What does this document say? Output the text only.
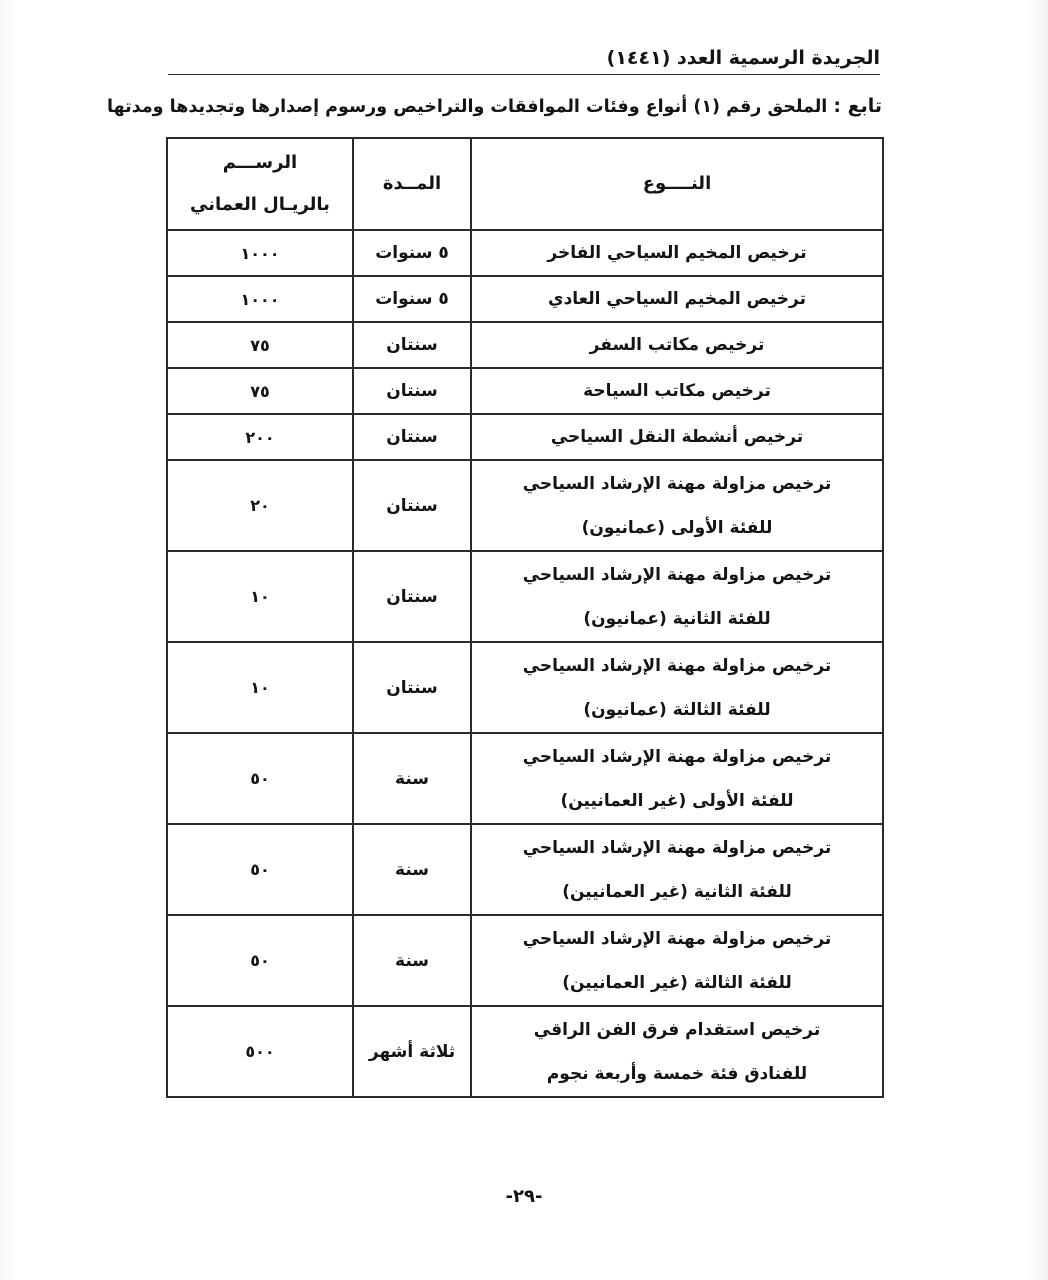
الجريدة الرسمية العدد (١٤٤١)
تابع : الملحق رقم (١) أنواع وفئات الموافقات والتراخيص ورسوم إصدارها وتجديدها ومدتها
النــــوع	المــدة	الرســـم
بالريـال العماني

ترخيص المخيم السياحي الفاخر	٥ سنوات	١٠٠٠

ترخيص المخيم السياحي العادي	٥ سنوات	١٠٠٠

ترخيص مكاتب السفر	سنتان	٧٥

ترخيص مكاتب السياحة	سنتان	٧٥

ترخيص أنشطة النقل السياحي	سنتان	٢٠٠

ترخيص مزاولة مهنة الإرشاد السياحي
للفئة الأولى (عمانيون)	سنتان	٢٠

ترخيص مزاولة مهنة الإرشاد السياحي
للفئة الثانية (عمانيون)	سنتان	١٠

ترخيص مزاولة مهنة الإرشاد السياحي
للفئة الثالثة (عمانيون)	سنتان	١٠

ترخيص مزاولة مهنة الإرشاد السياحي
للفئة الأولى (غير العمانيين)	سنة	٥٠

ترخيص مزاولة مهنة الإرشاد السياحي
للفئة الثانية (غير العمانيين)	سنة	٥٠

ترخيص مزاولة مهنة الإرشاد السياحي
للفئة الثالثة (غير العمانيين)	سنة	٥٠

ترخيص استقدام فرق الفن الراقي
للفنادق فئة خمسة وأربعة نجوم	ثلاثة أشهر	٥٠٠
-٢٩-
